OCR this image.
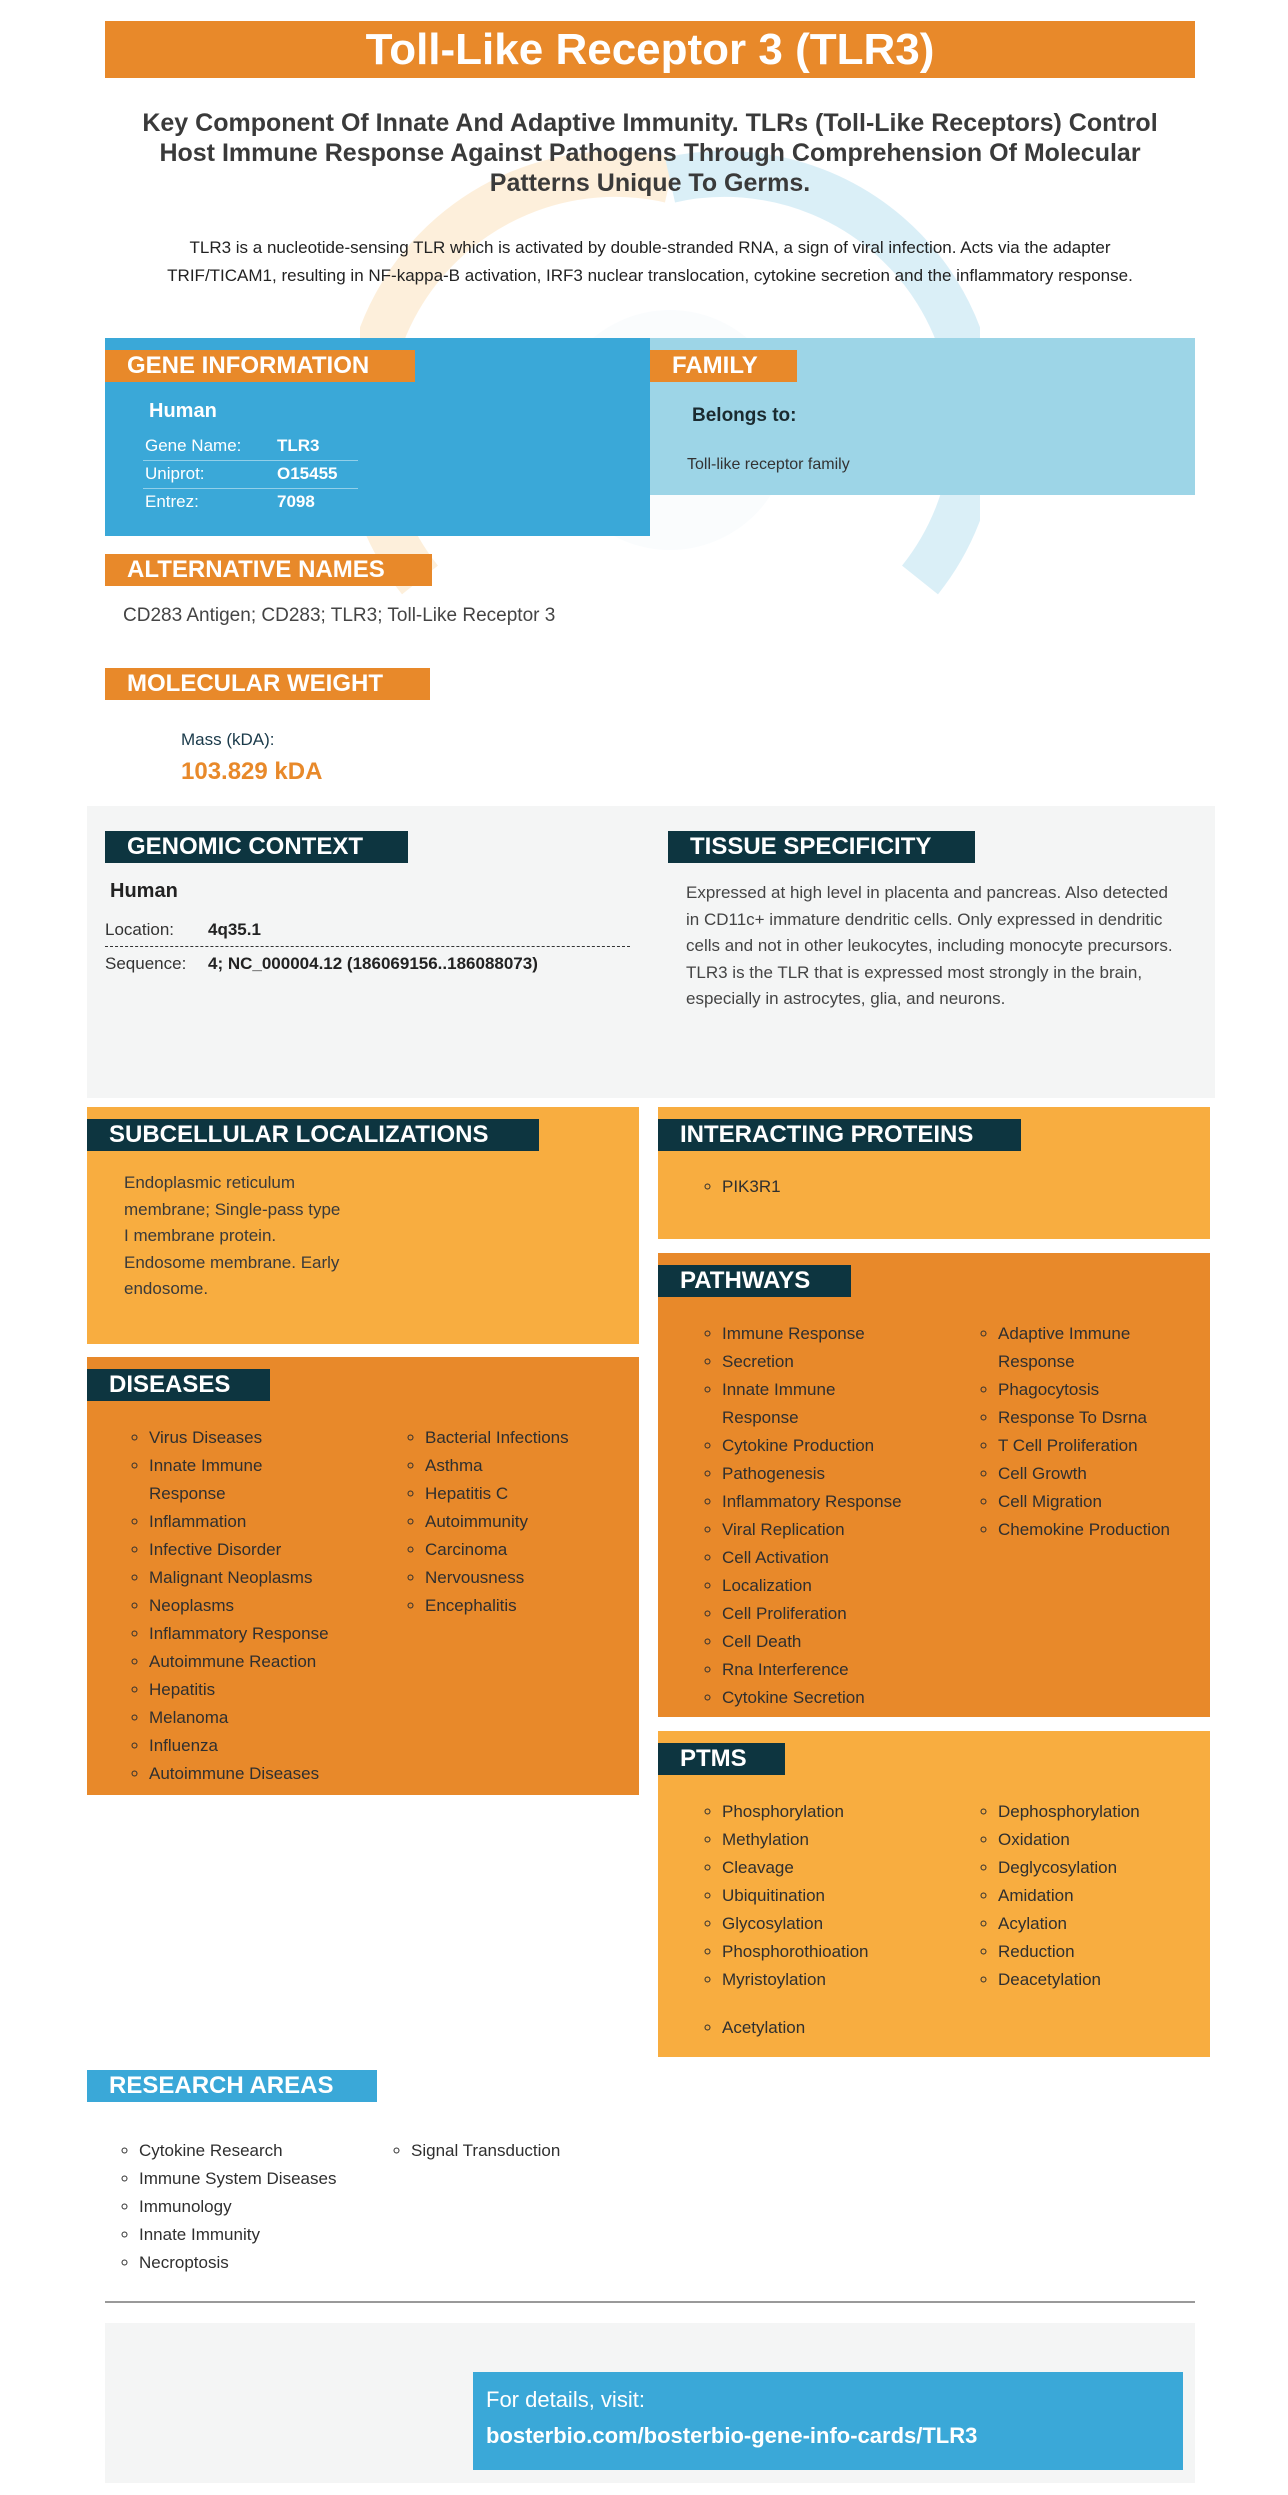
Toll-Like Receptor 3 (TLR3)
Key Component Of Innate And Adaptive Immunity. TLRs (Toll-Like Receptors) Control Host Immune Response Against Pathogens Through Comprehension Of Molecular Patterns Unique To Germs.
TLR3 is a nucleotide-sensing TLR which is activated by double-stranded RNA, a sign of viral infection. Acts via the adapter TRIF/TICAM1, resulting in NF-kappa-B activation, IRF3 nuclear translocation, cytokine secretion and the inflammatory response.
GENE INFORMATION
Human
Gene Name: TLR3
Uniprot:	O15455
Entrez:	7098
FAMILY
Belongs to:
Toll-like receptor family
ALTERNATIVE NAMES
CD283 Antigen; CD283; TLR3; Toll-Like Receptor 3
MOLECULAR WEIGHT
Mass (kDA):
103.829 kDA
GENOMIC CONTEXT
Human
Location: 4q35.1
Sequence: 4; NC_000004.12 (186069156..186088073)
TISSUE SPECIFICITY
Expressed at high level in placenta and pancreas. Also detected in CD11c+ immature dendritic cells. Only expressed in dendritic cells and not in other leukocytes, including monocyte precursors. TLR3 is the TLR that is expressed most strongly in the brain, especially in astrocytes, glia, and neurons.
SUBCELLULAR LOCALIZATIONS
Endoplasmic reticulum membrane; Single-pass type I membrane protein. Endosome membrane. Early endosome.
INTERACTING PROTEINS
◦ PIK3R1
PATHWAYS
◦ Immune Response
◦ Secretion
◦ Innate Immune Response
◦ Cytokine Production
◦ Pathogenesis
◦ Inflammatory Response
◦ Viral Replication
◦ Cell Activation
◦ Localization
◦ Cell Proliferation
◦ Cell Death
◦ Rna Interference
◦ Cytokine Secretion
◦ Adaptive Immune Response
◦ Phagocytosis
◦ Response To Dsrna
◦ T Cell Proliferation
◦ Cell Growth
◦ Cell Migration
◦ Chemokine Production
DISEASES
◦ Virus Diseases
◦ Innate Immune Response
◦ Inflammation
◦ Infective Disorder
◦ Malignant Neoplasms
◦ Neoplasms
◦ Inflammatory Response
◦ Autoimmune Reaction
◦ Hepatitis
◦ Melanoma
◦ Influenza
◦ Autoimmune Diseases
◦ Bacterial Infections
◦ Asthma
◦ Hepatitis C
◦ Autoimmunity
◦ Carcinoma
◦ Nervousness
◦ Encephalitis
PTMS
◦ Phosphorylation
◦ Methylation
◦ Cleavage
◦ Ubiquitination
◦ Glycosylation
◦ Phosphorothioation
◦ Myristoylation
◦ Dephosphorylation
◦ Oxidation
◦ Deglycosylation
◦ Amidation
◦ Acylation
◦ Reduction
◦ Deacetylation
◦ Acetylation
RESEARCH AREAS
◦ Cytokine Research
◦ Immune System Diseases
◦ Immunology
◦ Innate Immunity
◦ Necroptosis
◦ Signal Transduction
For details, visit:
bosterbio.com/bosterbio-gene-info-cards/TLR3
